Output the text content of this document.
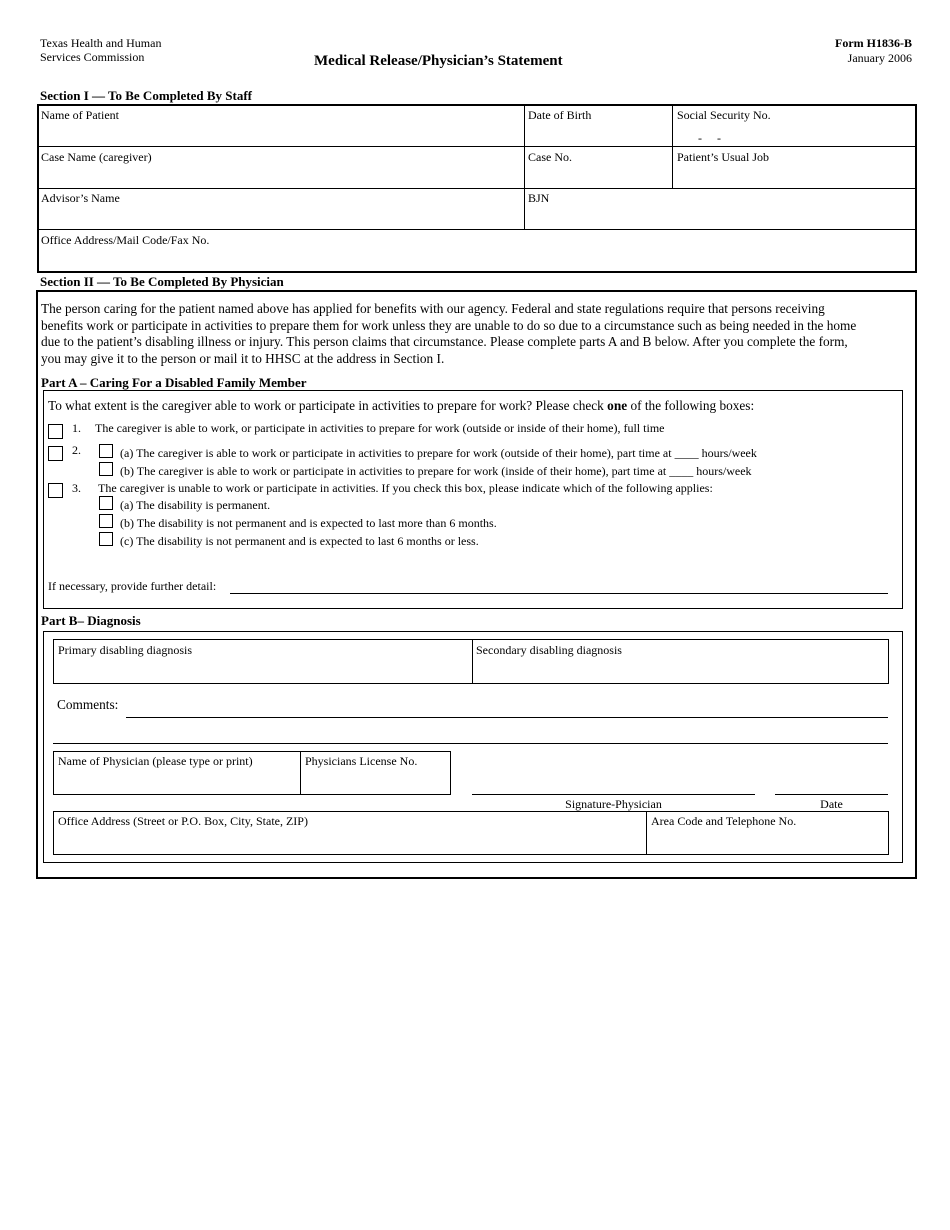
Texas Health and Human
Services Commission	Medical Release/Physician’s Statement
Form H1836-B
January 2006
Section I — To Be Completed By Staff
Name of Patient	Date of Birth	Social Security No.
-     -
Case Name (caregiver)	Case No.	Patient’s Usual Job
Advisor’s Name	BJN
Office Address/Mail Code/Fax No.
Section II — To Be Completed By Physician
The person caring for the patient named above has applied for benefits with our agency. Federal and state regulations require that persons receiving
benefits work or participate in activities to prepare them for work unless they are unable to do so due to a circumstance such as being needed in the home
due to the patient’s disabling illness or injury. This person claims that circumstance. Please complete parts A and B below. After you complete the form,
you may give it to the person or mail it to HHSC at the address in Section I.
Part A – Caring For a Disabled Family Member
To what extent is the caregiver able to work or participate in activities to prepare for work? Please check one of the following boxes:
1. The caregiver is able to work, or participate in activities to prepare for work (outside or inside of their home), full time
2.	(a) The caregiver is able to work or participate in activities to prepare for work (outside of their home), part time at ____ hours/week
(b) The caregiver is able to work or participate in activities to prepare for work (inside of their home), part time at ____ hours/week
3. The caregiver is unable to work or participate in activities. If you check this box, please indicate which of the following applies:
(a) The disability is permanent.
(b) The disability is not permanent and is expected to last more than 6 months.
(c) The disability is not permanent and is expected to last 6 months or less.
If necessary, provide further detail:
Part B– Diagnosis
Primary disabling diagnosis	Secondary disabling diagnosis
Comments:
Name of Physician (please type or print)	Physicians License No.
Signature-Physician	Date
Office Address (Street or P.O. Box, City, State, ZIP)	Area Code and Telephone No.
